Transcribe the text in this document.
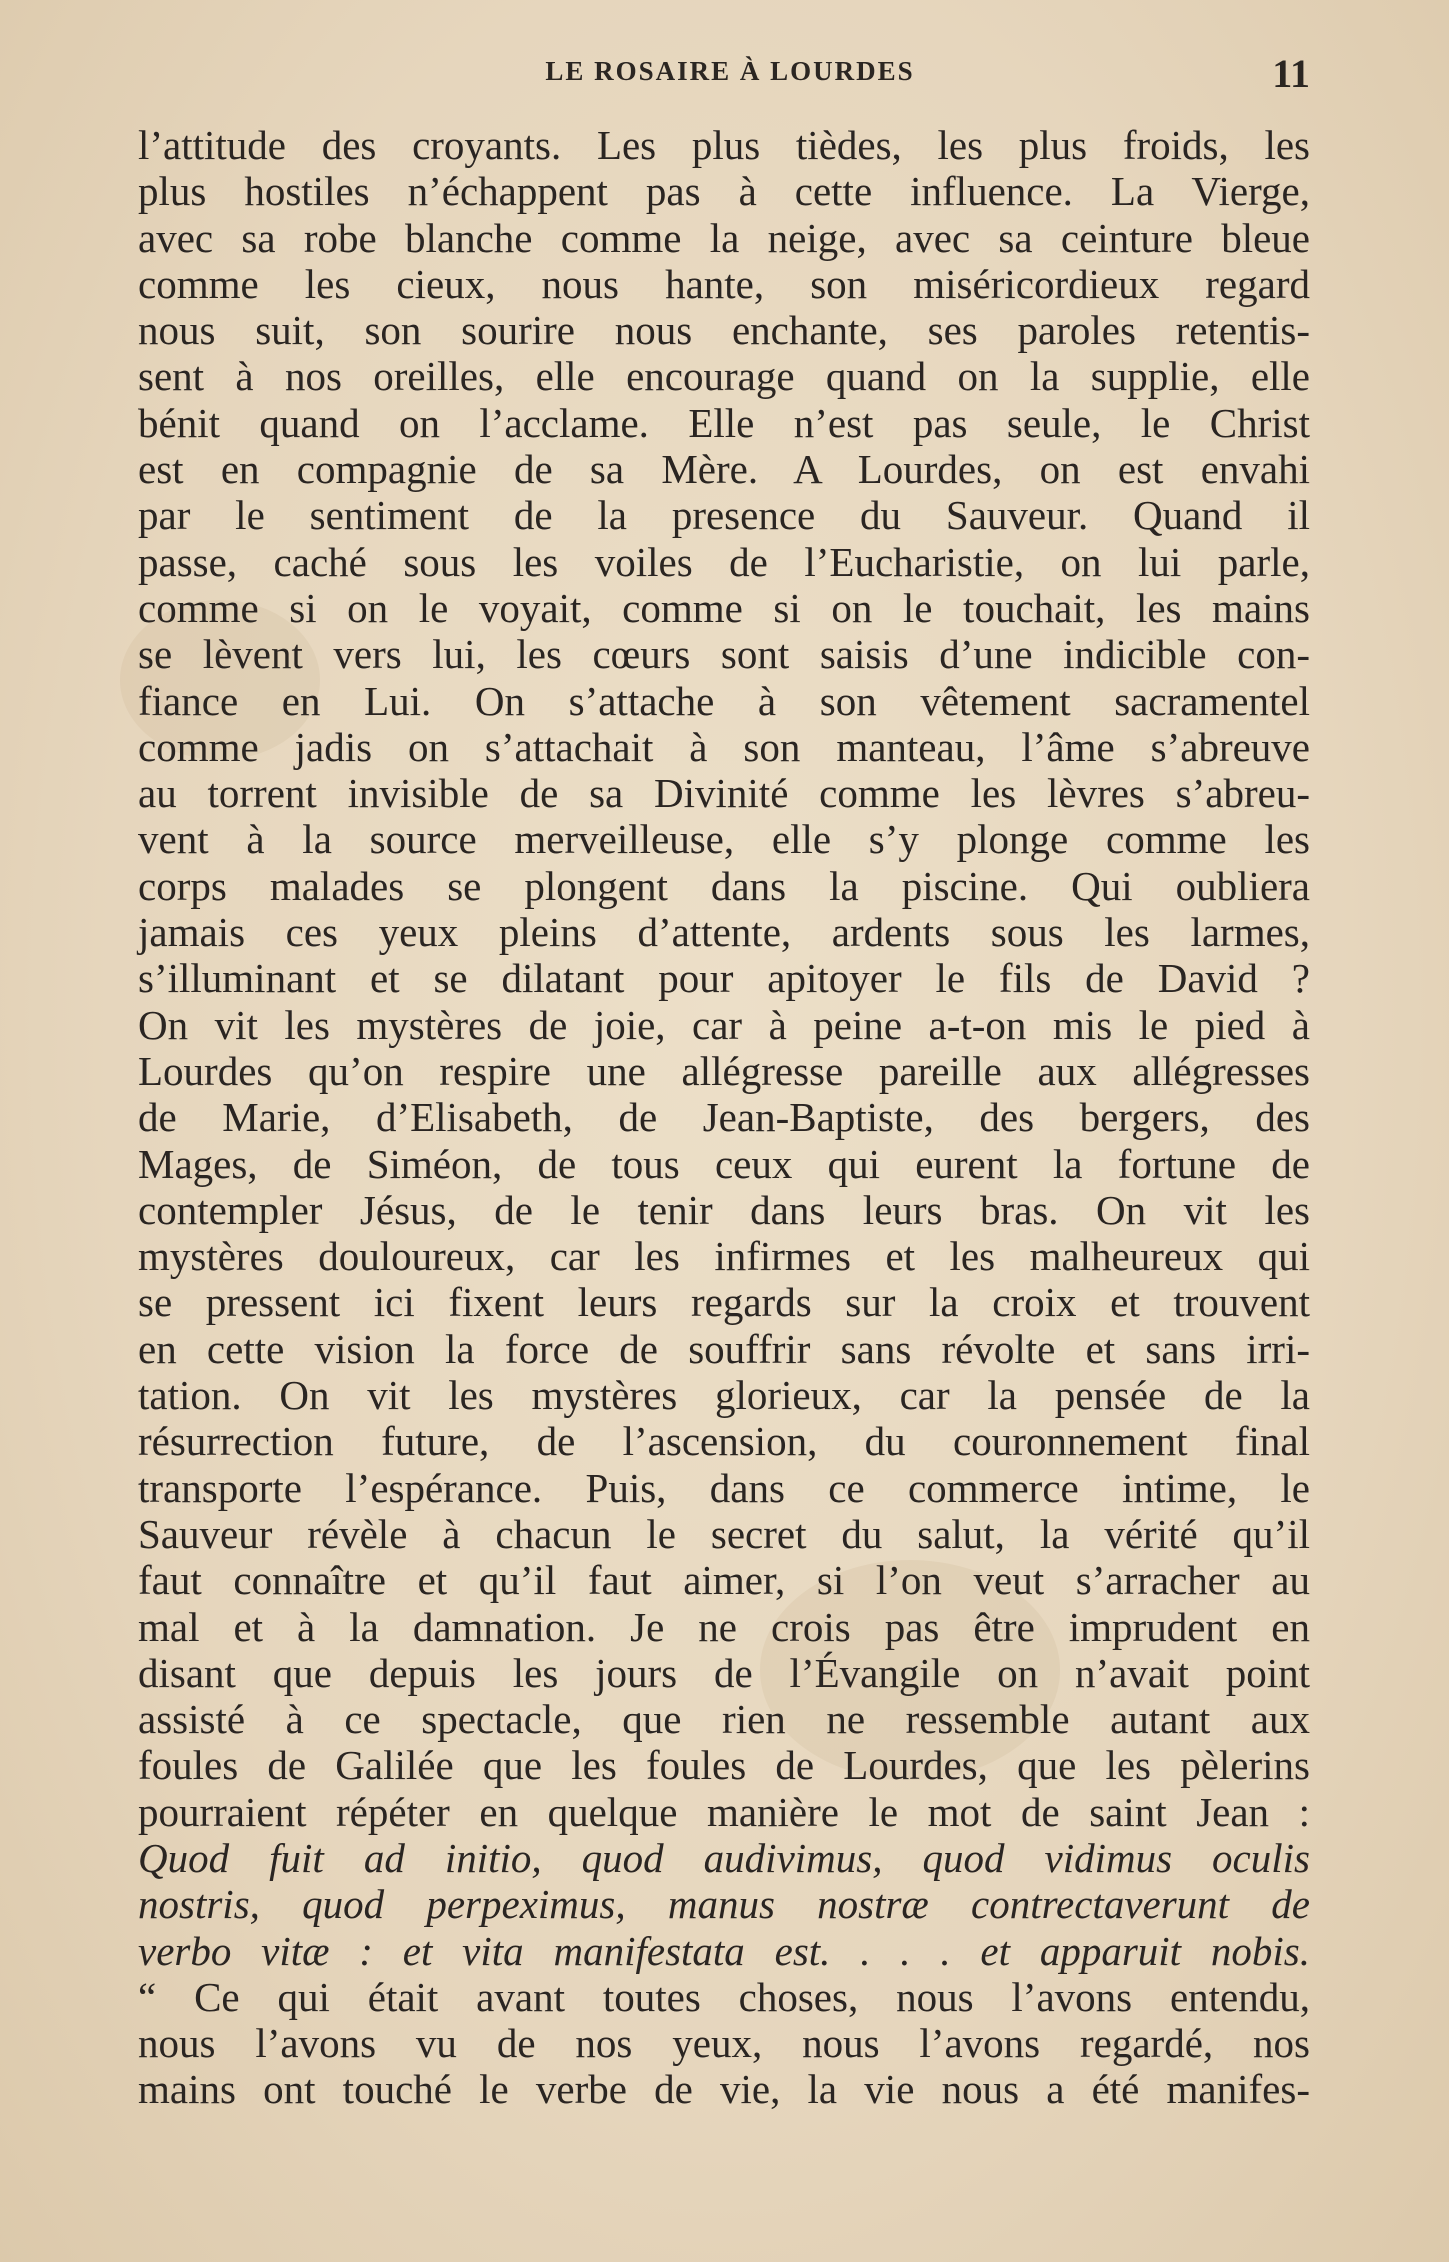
LE ROSAIRE À LOURDES	11
l’attitude des croyants. Les plus tièdes, les plus froids, les
plus hostiles n’échappent pas à cette influence. La Vierge,
avec sa robe blanche comme la neige, avec sa ceinture bleue
comme les cieux, nous hante, son miséricordieux regard
nous suit, son sourire nous enchante, ses paroles retentis-
sent à nos oreilles, elle encourage quand on la supplie, elle
bénit quand on l’acclame. Elle n’est pas seule, le Christ
est en compagnie de sa Mère. A Lourdes, on est envahi
par le sentiment de la presence du Sauveur. Quand il
passe, caché sous les voiles de l’Eucharistie, on lui parle,
comme si on le voyait, comme si on le touchait, les mains
se lèvent vers lui, les cœurs sont saisis d’une indicible con-
fiance en Lui. On s’attache à son vêtement sacramentel
comme jadis on s’attachait à son manteau, l’âme s’abreuve
au torrent invisible de sa Divinité comme les lèvres s’abreu-
vent à la source merveilleuse, elle s’y plonge comme les
corps malades se plongent dans la piscine. Qui oubliera
jamais ces yeux pleins d’attente, ardents sous les larmes,
s’illuminant et se dilatant pour apitoyer le fils de David ?
On vit les mystères de joie, car à peine a-t-on mis le pied à
Lourdes qu’on respire une allégresse pareille aux allégresses
de Marie, d’Elisabeth, de Jean-Baptiste, des bergers, des
Mages, de Siméon, de tous ceux qui eurent la fortune de
contempler Jésus, de le tenir dans leurs bras. On vit les
mystères douloureux, car les infirmes et les malheureux qui
se pressent ici fixent leurs regards sur la croix et trouvent
en cette vision la force de souffrir sans révolte et sans irri-
tation. On vit les mystères glorieux, car la pensée de la
résurrection future, de l’ascension, du couronnement final
transporte l’espérance. Puis, dans ce commerce intime, le
Sauveur révèle à chacun le secret du salut, la vérité qu’il
faut connaître et qu’il faut aimer, si l’on veut s’arracher au
mal et à la damnation. Je ne crois pas être imprudent en
disant que depuis les jours de l’Évangile on n’avait point
assisté à ce spectacle, que rien ne ressemble autant aux
foules de Galilée que les foules de Lourdes, que les pèlerins
pourraient répéter en quelque manière le mot de saint Jean :
Quod fuit ad initio, quod audivimus, quod vidimus oculis
nostris, quod perpeximus, manus nostræ contrectaverunt de
verbo vitæ : et vita manifestata est. . . . et apparuit nobis.
“ Ce qui était avant toutes choses, nous l’avons entendu,
nous l’avons vu de nos yeux, nous l’avons regardé, nos
mains ont touché le verbe de vie, la vie nous a été manifes-
